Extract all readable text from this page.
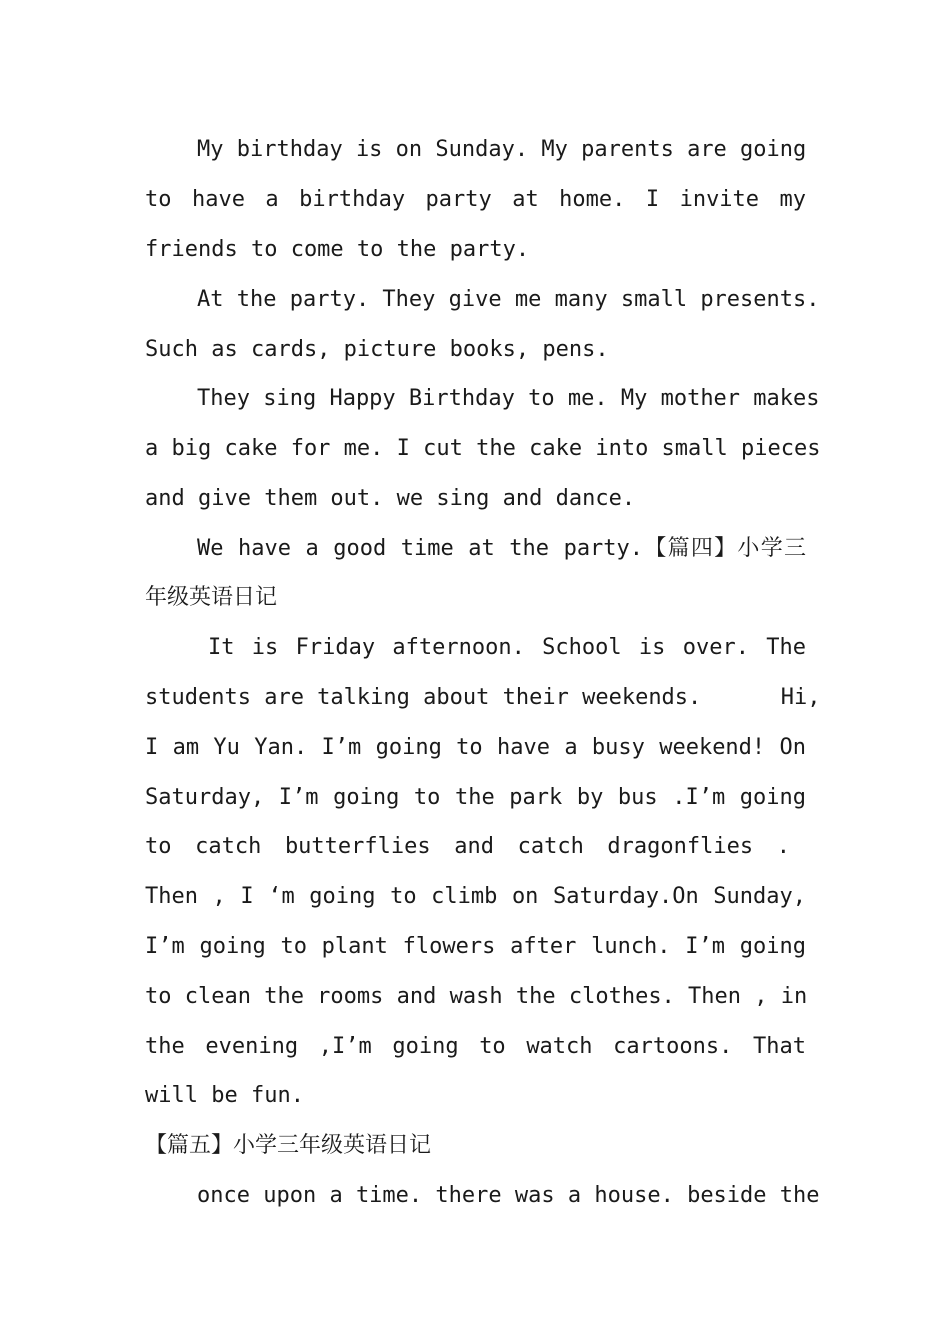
My birthday is on Sunday. My parents are going
to have a birthday party at home. I invite my
friends to come to the party.
At the party. They give me many small presents.
Such as cards, picture books, pens.
They sing Happy Birthday to me. My mother makes
a big cake for me. I cut the cake into small pieces
and give them out. we sing and dance.
We have a good time at the party.【篇四】小学三
年级英语日记
It is Friday afternoon. School is over. The
students are talking about their weekends.      Hi,
I am Yu Yan. I’m going to have a busy weekend! On
Saturday, I’m going to the park by bus .I’m going
to catch butterflies and catch dragonflies .
Then , I ‘m going to climb on Saturday.On Sunday,
I’m going to plant flowers after lunch. I’m going
to clean the rooms and wash the clothes. Then , in
the evening ,I’m going to watch cartoons. That
will be fun.
【篇五】小学三年级英语日记
once upon a time. there was a house. beside the
